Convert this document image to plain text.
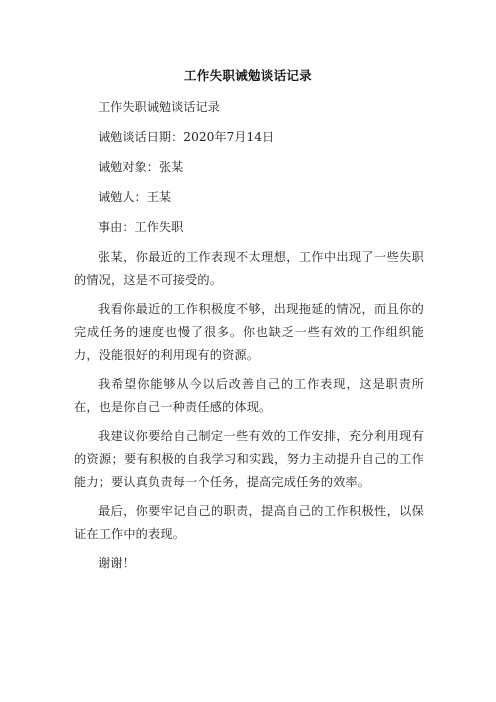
工作失职诫勉谈话记录

工作失职诫勉谈话记录

诫勉谈话日期：2020年7月14日

诫勉对象：张某

诫勉人：王某

事由：工作失职

张某，你最近的工作表现不太理想，工作中出现了一些失职的情况，这是不可接受的。

我看你最近的工作积极度不够，出现拖延的情况，而且你的完成任务的速度也慢了很多。你也缺乏一些有效的工作组织能力，没能很好的利用现有的资源。

我希望你能够从今以后改善自己的工作表现，这是职责所在，也是你自己一种责任感的体现。

我建议你要给自己制定一些有效的工作安排，充分利用现有的资源；要有积极的自我学习和实践，努力主动提升自己的工作能力；要认真负责每一个任务，提高完成任务的效率。

最后，你要牢记自己的职责，提高自己的工作积极性，以保证在工作中的表现。

谢谢！
